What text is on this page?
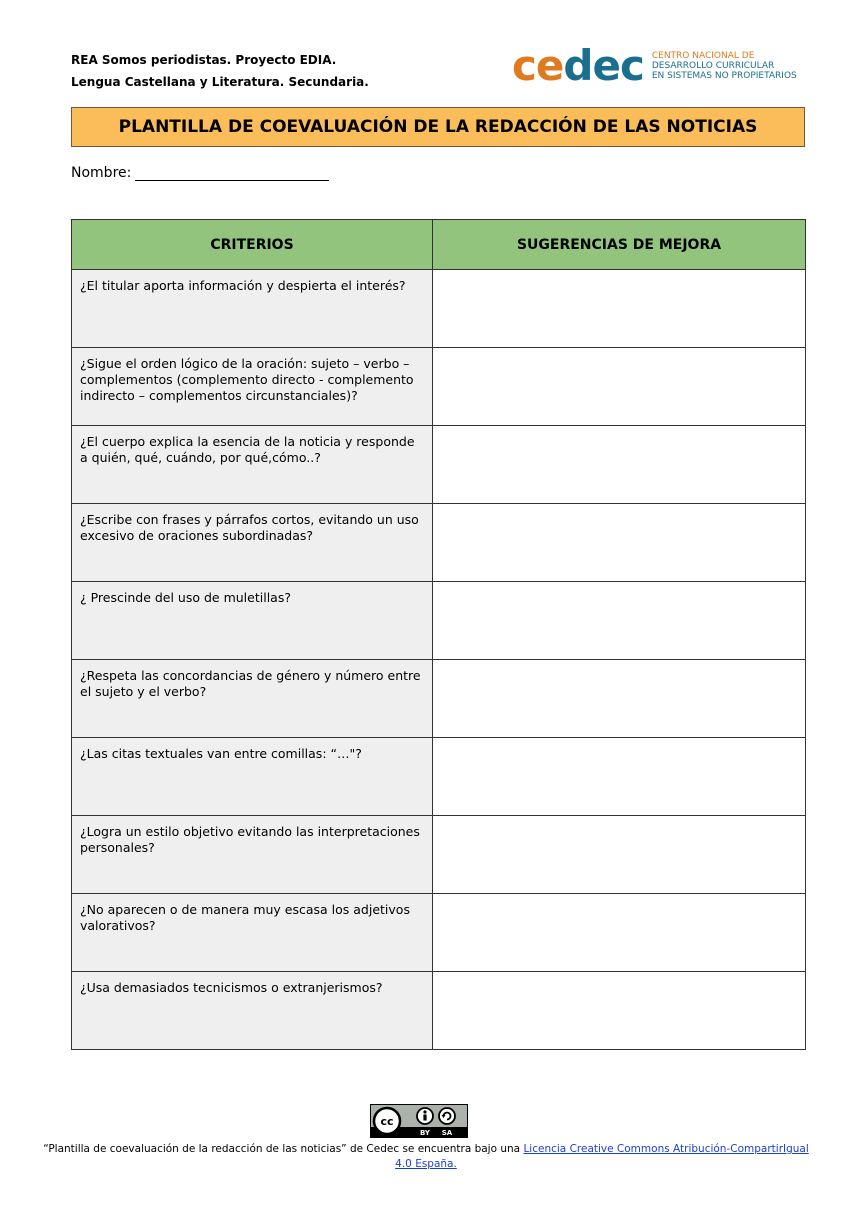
REA Somos periodistas. Proyecto EDIA.
Lengua Castellana y Literatura. Secundaria.	cedec CENTRO NACIONAL DE
DESARROLLO CURRICULAR
EN SISTEMAS NO PROPIETARIOS
PLANTILLA DE COEVALUACIÓN DE LA REDACCIÓN DE LAS NOTICIAS
Nombre:
CRITERIOS	SUGERENCIAS DE MEJORA

¿El titular aporta información y despierta el interés?	

¿Sigue el orden lógico de la oración: sujeto – verbo – complementos (complemento directo - complemento indirecto – complementos circunstanciales)?	

¿El cuerpo explica la esencia de la noticia y responde a quién, qué, cuándo, por qué,cómo..?	

¿Escribe con frases y párrafos cortos, evitando un uso excesivo de oraciones subordinadas?	

¿ Prescinde del uso de muletillas?	

¿Respeta las concordancias de género y número entre el sujeto y el verbo?	

¿Las citas textuales van entre comillas: “…"?	

¿Logra un estilo objetivo evitando las interpretaciones personales?	

¿No aparecen o de manera muy escasa los adjetivos valorativos?	

¿Usa demasiados tecnicismos o extranjerismos?	

cc
BY SA
“Plantilla de coevaluación de la redacción de las noticias” de Cedec se encuentra bajo una Licencia Creative Commons Atribución-CompartirIgual 4.0 España.
